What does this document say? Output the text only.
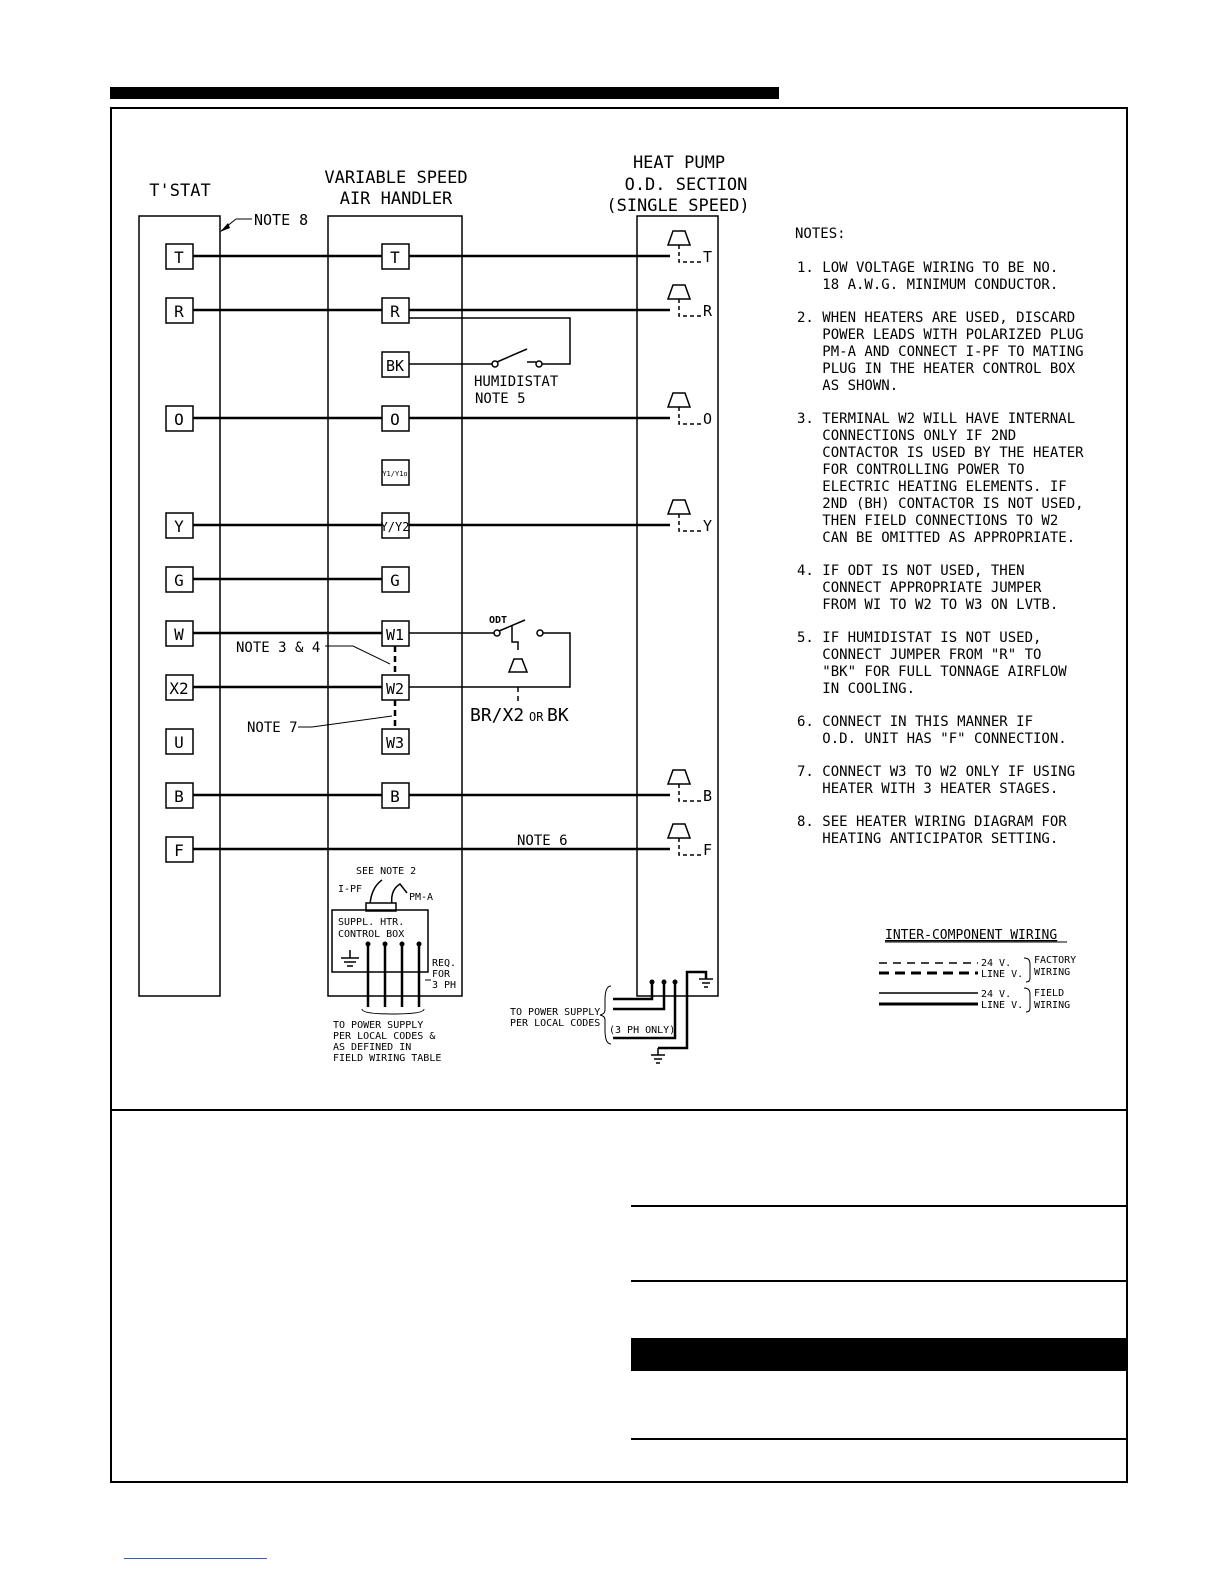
T'STAT
VARIABLE SPEED
AIR HANDLER
HEAT PUMP
O.D. SECTION
(SINGLE SPEED)
NOTE 8
T
R
O
Y
G
W
X2
U
B
F
T
R
BK
O
Y1/Y1o
Y/Y2
G
W1
W2
W3
B
HUMIDISTAT
NOTE 5
ODT
BR/X2 OR BK
NOTE 3 & 4
NOTE 7
NOTE 6
T
R
O
Y
B
F
SEE NOTE 2
I-PF
PM-A
SUPPL. HTR.
CONTROL BOX
REQ.
FOR
3 PH
TO POWER SUPPLY
PER LOCAL CODES &
AS DEFINED IN
FIELD WIRING TABLE
TO POWER SUPPLY
PER LOCAL CODES
(3 PH ONLY)
NOTES:
1. LOW VOLTAGE WIRING TO BE NO.
18 A.W.G. MINIMUM CONDUCTOR.
2. WHEN HEATERS ARE USED, DISCARD
POWER LEADS WITH POLARIZED PLUG
PM-A AND CONNECT I-PF TO MATING
PLUG IN THE HEATER CONTROL BOX
AS SHOWN.
3. TERMINAL W2 WILL HAVE INTERNAL
CONNECTIONS ONLY IF 2ND
CONTACTOR IS USED BY THE HEATER
FOR CONTROLLING POWER TO
ELECTRIC HEATING ELEMENTS. IF
2ND (BH) CONTACTOR IS NOT USED,
THEN FIELD CONNECTIONS TO W2
CAN BE OMITTED AS APPROPRIATE.
4. IF ODT IS NOT USED, THEN
CONNECT APPROPRIATE JUMPER
FROM WI TO W2 TO W3 ON LVTB.
5. IF HUMIDISTAT IS NOT USED,
CONNECT JUMPER FROM "R" TO
"BK" FOR FULL TONNAGE AIRFLOW
IN COOLING.
6. CONNECT IN THIS MANNER IF
O.D. UNIT HAS "F" CONNECTION.
7. CONNECT W3 TO W2 ONLY IF USING
HEATER WITH 3 HEATER STAGES.
8. SEE HEATER WIRING DIAGRAM FOR
HEATING ANTICIPATOR SETTING.
INTER-COMPONENT WIRING
24 V.
LINE V.
24 V.
LINE V.
FACTORY
WIRING
FIELD
WIRING
